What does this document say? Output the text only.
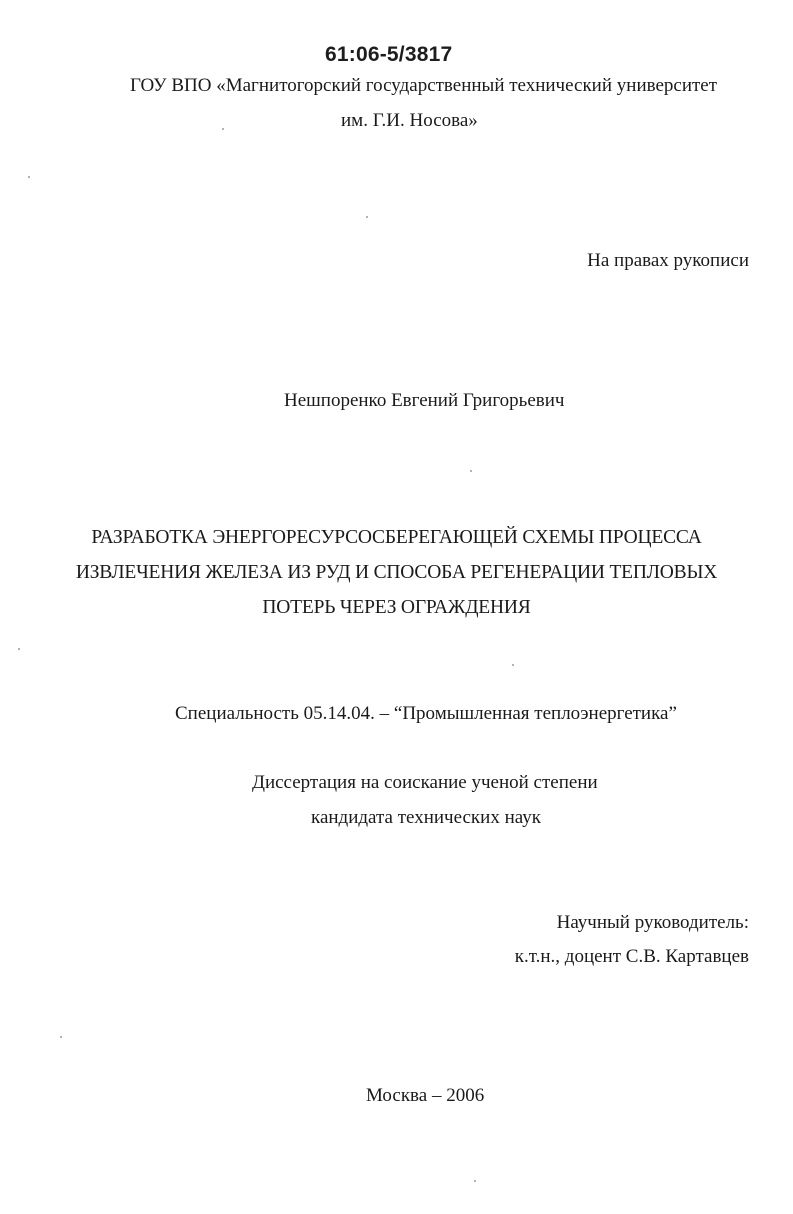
61:06-5/3817
ГОУ ВПО «Магнитогорский государственный технический университет
им. Г.И. Носова»
На правах рукописи
Нешпоренко Евгений Григорьевич
РАЗРАБОТКА ЭНЕРГОРЕСУРСОСБЕРЕГАЮЩЕЙ СХЕМЫ ПРОЦЕССА
ИЗВЛЕЧЕНИЯ ЖЕЛЕЗА ИЗ РУД И СПОСОБА РЕГЕНЕРАЦИИ ТЕПЛОВЫХ
ПОТЕРЬ ЧЕРЕЗ ОГРАЖДЕНИЯ
Специальность 05.14.04. – “Промышленная теплоэнергетика”
Диссертация на соискание ученой степени
кандидата технических наук
Научный руководитель:
к.т.н., доцент С.В. Картавцев
Москва – 2006
